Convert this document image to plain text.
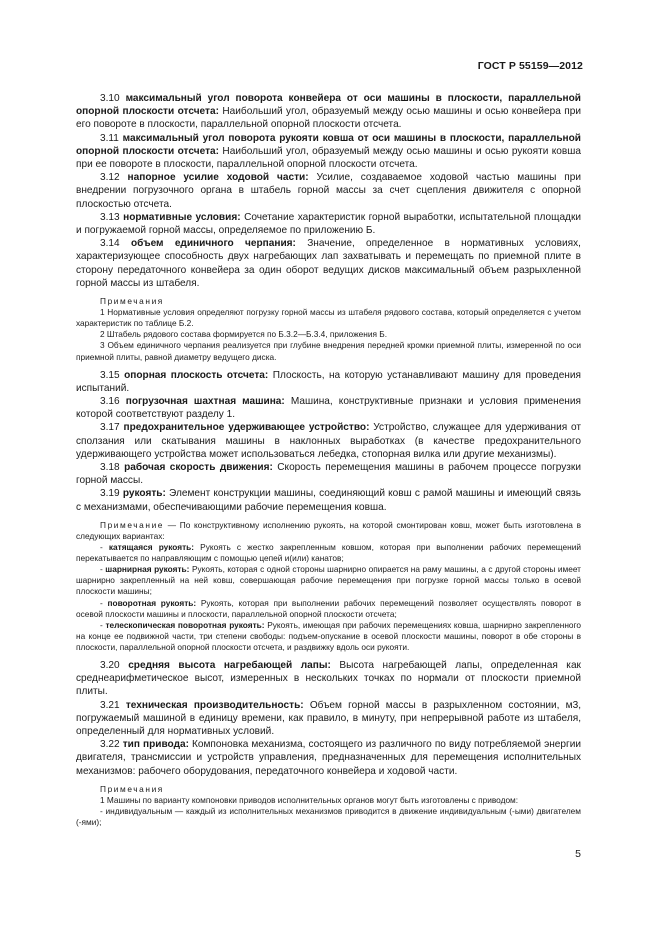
ГОСТ Р 55159—2012

3.10 максимальный угол поворота конвейера от оси машины в плоскости, параллельной опорной плоскости отсчета: Наибольший угол, образуемый между осью машины и осью конвейера при его повороте в плоскости, параллельной опорной плоскости отсчета.

3.11 максимальный угол поворота рукояти ковша от оси машины в плоскости, параллельной опорной плоскости отсчета: Наибольший угол, образуемый между осью машины и осью рукояти ковша при ее повороте в плоскости, параллельной опорной плоскости отсчета.

3.12 напорное усилие ходовой части: Усилие, создаваемое ходовой частью машины при внедрении погрузочного органа в штабель горной массы за счет сцепления движителя с опорной плоскостью отсчета.

3.13 нормативные условия: Сочетание характеристик горной выработки, испытательной площадки и погружаемой горной массы, определяемое по приложению Б.

3.14 объем единичного черпания: Значение, определенное в нормативных условиях, характеризующее способность двух нагребающих лап захватывать и перемещать по приемной плите в сторону передаточного конвейера за один оборот ведущих дисков максимальный объем разрыхленной горной массы из штабеля.

Примечания

1 Нормативные условия определяют погрузку горной массы из штабеля рядового состава, который определяется с учетом характеристик по таблице Б.2.

2 Штабель рядового состава формируется по Б.3.2—Б.3.4, приложения Б.

3 Объем единичного черпания реализуется при глубине внедрения передней кромки приемной плиты, измеренной по оси приемной плиты, равной диаметру ведущего диска.

3.15 опорная плоскость отсчета: Плоскость, на которую устанавливают машину для проведения испытаний.

3.16 погрузочная шахтная машина: Машина, конструктивные признаки и условия применения которой соответствуют разделу 1.

3.17 предохранительное удерживающее устройство: Устройство, служащее для удерживания от сползания или скатывания машины в наклонных выработках (в качестве предохранительного удерживающего устройства может использоваться лебедка, стопорная вилка или другие механизмы).

3.18 рабочая скорость движения: Скорость перемещения машины в рабочем процессе погрузки горной массы.

3.19 рукоять: Элемент конструкции машины, соединяющий ковш с рамой машины и имеющий связь с механизмами, обеспечивающими рабочие перемещения ковша.

Примечание — По конструктивному исполнению рукоять, на которой смонтирован ковш, может быть изготовлена в следующих вариантах:

- катящаяся рукоять: Рукоять с жестко закрепленным ковшом, которая при выполнении рабочих перемещений перекатывается по направляющим с помощью цепей и(или) канатов;

- шарнирная рукоять: Рукоять, которая с одной стороны шарнирно опирается на раму машины, а с другой стороны имеет шарнирно закрепленный на ней ковш, совершающая рабочие перемещения при погрузке горной массы только в осевой плоскости машины;

- поворотная рукоять: Рукоять, которая при выполнении рабочих перемещений позволяет осуществлять поворот в осевой плоскости машины и плоскости, параллельной опорной плоскости отсчета;

- телескопическая поворотная рукоять: Рукоять, имеющая при рабочих перемещениях ковша, шарнирно закрепленного на конце ее подвижной части, три степени свободы: подъем-опускание в осевой плоскости машины, поворот в обе стороны в плоскости, параллельной опорной плоскости отсчета, и раздвижку вдоль оси рукояти.

3.20 средняя высота нагребающей лапы: Высота нагребающей лапы, определенная как среднеарифметическое высот, измеренных в нескольких точках по нормали от плоскости приемной плиты.

3.21 техническая производительность: Объем горной массы в разрыхленном состоянии, м3, погружаемый машиной в единицу времени, как правило, в минуту, при непрерывной работе из штабеля, определенный для нормативных условий.

3.22 тип привода: Компоновка механизма, состоящего из различного по виду потребляемой энергии двигателя, трансмиссии и устройств управления, предназначенных для перемещения исполнительных механизмов: рабочего оборудования, передаточного конвейера и ходовой части.

Примечания

1 Машины по варианту компоновки приводов исполнительных органов могут быть изготовлены с приводом:

- индивидуальным — каждый из исполнительных механизмов приводится в движение индивидуальным (-ыми) двигателем (-ями);

5
